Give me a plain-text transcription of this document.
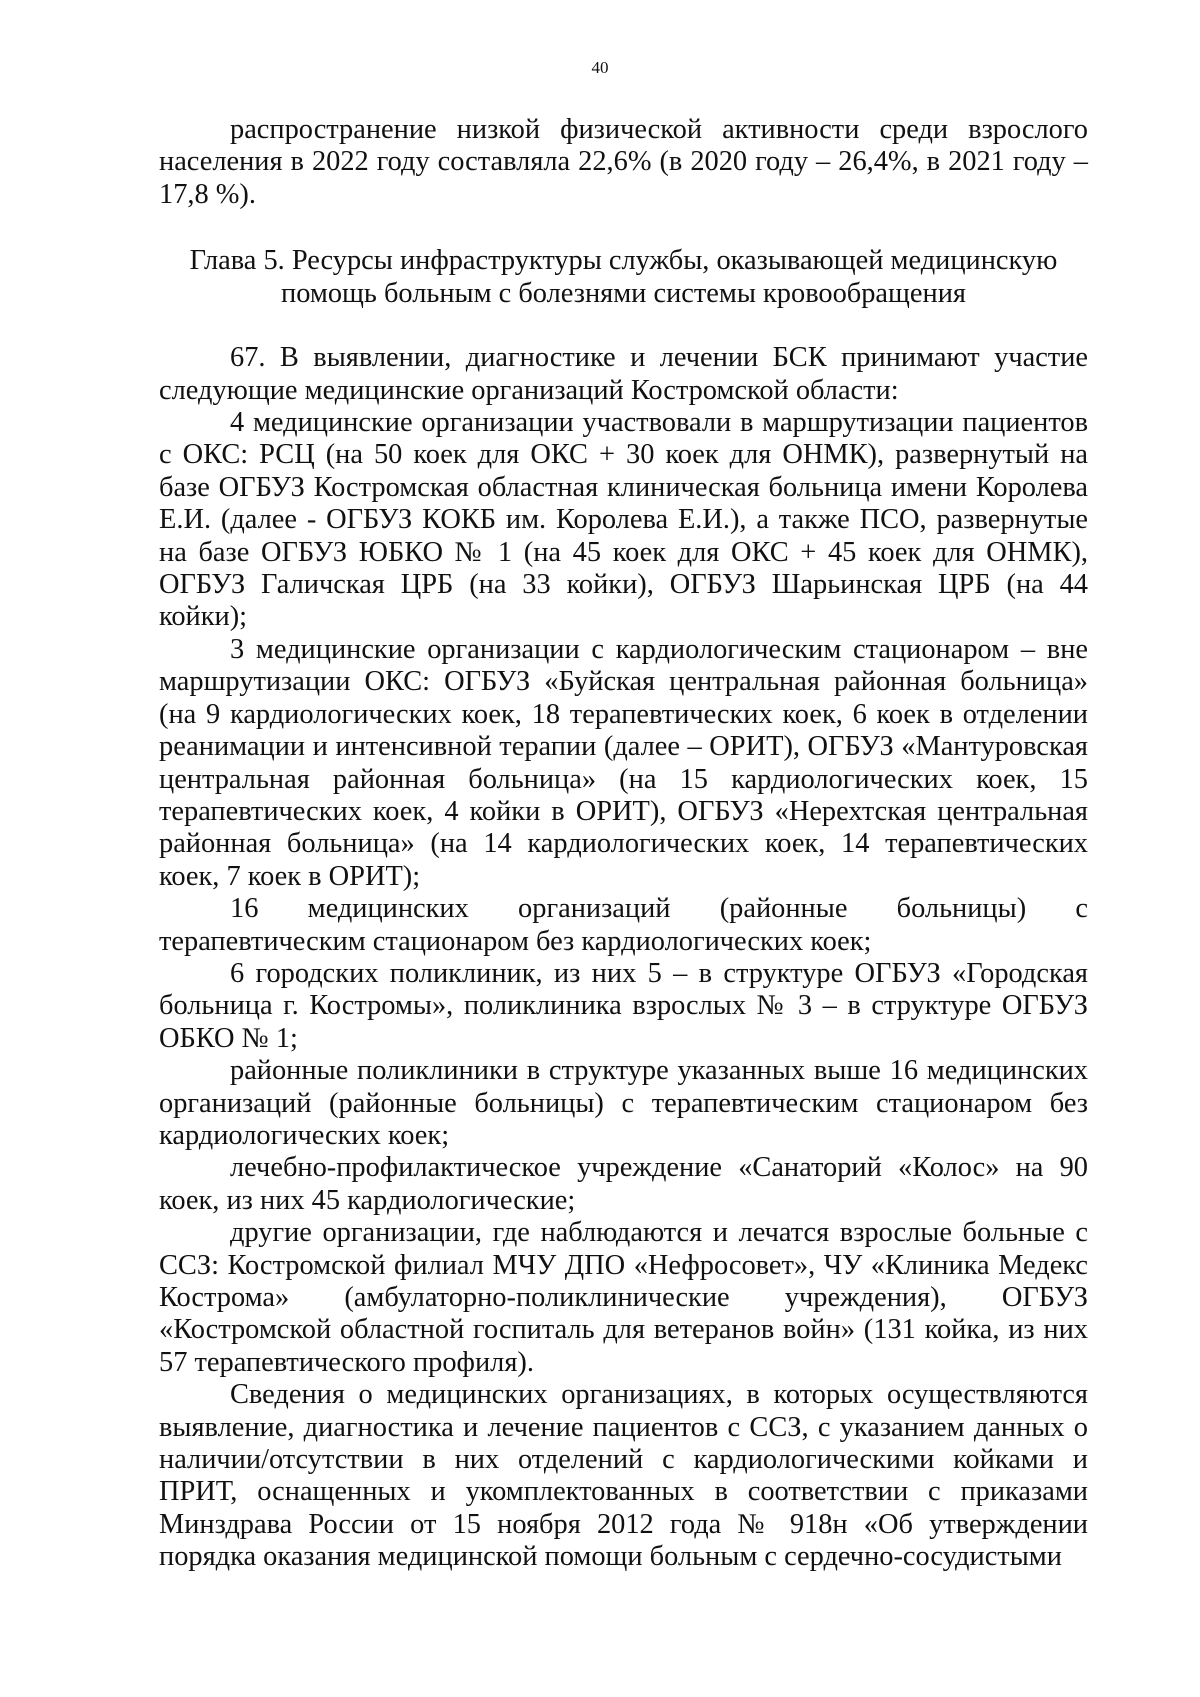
40

распространение низкой физической активности среди взрослого населения в 2022 году составляла 22,6% (в 2020 году – 26,4%, в 2021 году – 17,8 %).

Глава 5. Ресурсы инфраструктуры службы, оказывающей медицинскую
помощь больным с болезнями системы кровообращения

67. В выявлении, диагностике и лечении БСК принимают участие следующие медицинские организаций Костромской области:

4 медицинские организации участвовали в маршрутизации пациентов с ОКС: РСЦ (на 50 коек для ОКС + 30 коек для ОНМК), развернутый на базе ОГБУЗ Костромская областная клиническая больница имени Королева Е.И. (далее - ОГБУЗ КОКБ им. Королева Е.И.), а также ПСО, развернутые на базе ОГБУЗ ЮБКО № 1 (на 45 коек для ОКС + 45 коек для ОНМК), ОГБУЗ Галичская ЦРБ (на 33 койки), ОГБУЗ Шарьинская ЦРБ (на 44 койки);

3 медицинские организации с кардиологическим стационаром – вне маршрутизации ОКС: ОГБУЗ «Буйская центральная районная больница» (на 9 кардиологических коек, 18 терапевтических коек, 6 коек в отделении реанимации и интенсивной терапии (далее – ОРИТ), ОГБУЗ «Мантуровская центральная районная больница» (на 15 кардиологических коек, 15 терапевтических коек, 4 койки в ОРИТ), ОГБУЗ «Нерехтская центральная районная больница» (на 14 кардиологических коек, 14 терапевтических коек, 7 коек в ОРИТ);

16 медицинских организаций (районные больницы) с терапевтическим стационаром без кардиологических коек;

6 городских поликлиник, из них 5 – в структуре ОГБУЗ «Городская больница г. Костромы», поликлиника взрослых № 3 – в структуре ОГБУЗ ОБКО № 1;

районные поликлиники в структуре указанных выше 16 медицинских организаций (районные больницы) с терапевтическим стационаром без кардиологических коек;

лечебно-профилактическое учреждение «Санаторий «Колос» на 90 коек, из них 45 кардиологические;

другие организации, где наблюдаются и лечатся взрослые больные с ССЗ: Костромской филиал МЧУ ДПО «Нефросовет», ЧУ «Клиника Медекс Кострома» (амбулаторно-поликлинические учреждения), ОГБУЗ «Костромской областной госпиталь для ветеранов войн» (131 койка, из них 57 терапевтического профиля).

Сведения о медицинских организациях, в которых осуществляются выявление, диагностика и лечение пациентов с ССЗ, с указанием данных о наличии/отсутствии в них отделений с кардиологическими койками и ПРИТ, оснащенных и укомплектованных в соответствии с приказами Минздрава России от 15 ноября 2012 года № 918н «Об утверждении порядка оказания медицинской помощи больным с сердечно-сосудистыми
